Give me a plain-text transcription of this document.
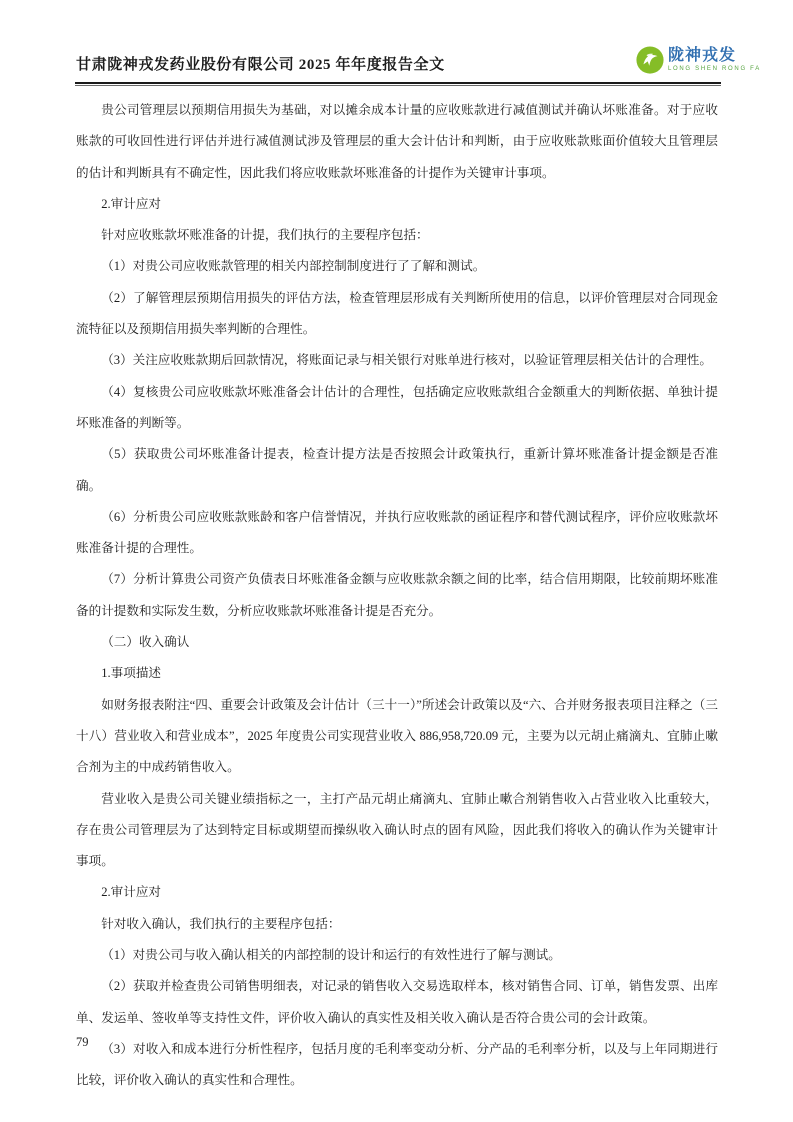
甘肃陇神戎发药业股份有限公司 2025 年年度报告全文
陇神戎发
LONG SHEN RONG FA

贵公司管理层以预期信用损失为基础，对以摊余成本计量的应收账款进行减值测试并确认坏账准备。对于应收账款的可收回性进行评估并进行减值测试涉及管理层的重大会计估计和判断，由于应收账款账面价值较大且管理层的估计和判断具有不确定性，因此我们将应收账款坏账准备的计提作为关键审计事项。

2.审计应对

针对应收账款坏账准备的计提，我们执行的主要程序包括：

（1）对贵公司应收账款管理的相关内部控制制度进行了了解和测试。

（2）了解管理层预期信用损失的评估方法，检查管理层形成有关判断所使用的信息，以评价管理层对合同现金流特征以及预期信用损失率判断的合理性。

（3）关注应收账款期后回款情况，将账面记录与相关银行对账单进行核对，以验证管理层相关估计的合理性。

（4）复核贵公司应收账款坏账准备会计估计的合理性，包括确定应收账款组合金额重大的判断依据、单独计提坏账准备的判断等。

（5）获取贵公司坏账准备计提表，检查计提方法是否按照会计政策执行，重新计算坏账准备计提金额是否准确。

（6）分析贵公司应收账款账龄和客户信誉情况，并执行应收账款的函证程序和替代测试程序，评价应收账款坏账准备计提的合理性。

（7）分析计算贵公司资产负债表日坏账准备金额与应收账款余额之间的比率，结合信用期限，比较前期坏账准备的计提数和实际发生数，分析应收账款坏账准备计提是否充分。

（二）收入确认

1.事项描述

如财务报表附注“四、重要会计政策及会计估计（三十一）”所述会计政策以及“六、合并财务报表项目注释之（三十八）营业收入和营业成本”，2025 年度贵公司实现营业收入 886,958,720.09 元，主要为以元胡止痛滴丸、宜肺止嗽合剂为主的中成药销售收入。

营业收入是贵公司关键业绩指标之一，主打产品元胡止痛滴丸、宜肺止嗽合剂销售收入占营业收入比重较大，存在贵公司管理层为了达到特定目标或期望而操纵收入确认时点的固有风险，因此我们将收入的确认作为关键审计事项。

2.审计应对

针对收入确认，我们执行的主要程序包括：

（1）对贵公司与收入确认相关的内部控制的设计和运行的有效性进行了解与测试。

（2）获取并检查贵公司销售明细表，对记录的销售收入交易选取样本，核对销售合同、订单，销售发票、出库单、发运单、签收单等支持性文件，评价收入确认的真实性及相关收入确认是否符合贵公司的会计政策。

（3）对收入和成本进行分析性程序，包括月度的毛利率变动分析、分产品的毛利率分析，以及与上年同期进行比较，评价收入确认的真实性和合理性。

79
